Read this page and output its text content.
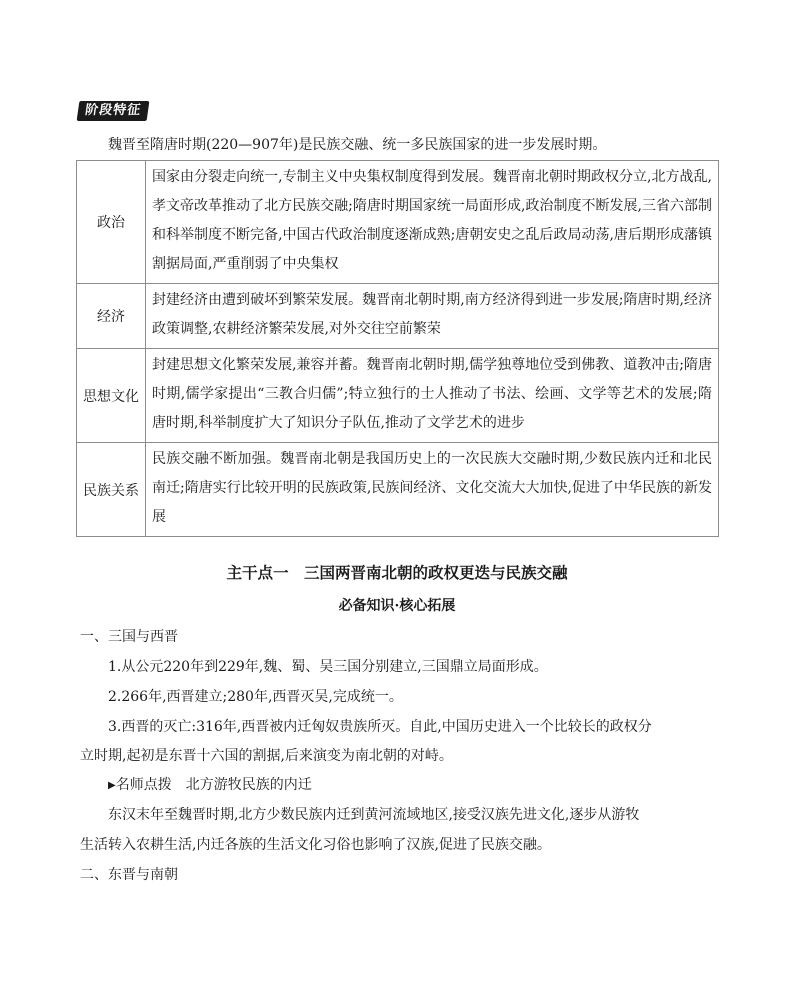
阶段特征
魏晋至隋唐时期(220—907年)是民族交融、统一多民族国家的进一步发展时期。
政治	国家由分裂走向统一,专制主义中央集权制度得到发展。魏晋南北朝时期政权分立,北方战乱,孝文帝改革推动了北方民族交融;隋唐时期国家统一局面形成,政治制度不断发展,三省六部制和科举制度不断完备,中国古代政治制度逐渐成熟;唐朝安史之乱后政局动荡,唐后期形成藩镇割据局面,严重削弱了中央集权
经济	封建经济由遭到破坏到繁荣发展。魏晋南北朝时期,南方经济得到进一步发展;隋唐时期,经济政策调整,农耕经济繁荣发展,对外交往空前繁荣
思想文化	封建思想文化繁荣发展,兼容并蓄。魏晋南北朝时期,儒学独尊地位受到佛教、道教冲击;隋唐时期,儒学家提出“三教合归儒”;特立独行的士人推动了书法、绘画、文学等艺术的发展;隋唐时期,科举制度扩大了知识分子队伍,推动了文学艺术的进步
民族关系	民族交融不断加强。魏晋南北朝是我国历史上的一次民族大交融时期,少数民族内迁和北民南迁;隋唐实行比较开明的民族政策,民族间经济、文化交流大大加快,促进了中华民族的新发展
主干点一　三国两晋南北朝的政权更迭与民族交融
必备知识·核心拓展
一、三国与西晋
1.从公元220年到229年,魏、蜀、吴三国分别建立,三国鼎立局面形成。
2.266年,西晋建立;280年,西晋灭吴,完成统一。
3.西晋的灭亡:316年,西晋被内迁匈奴贵族所灭。自此,中国历史进入一个比较长的政权分
立时期,起初是东晋十六国的割据,后来演变为南北朝的对峙。
▶名师点拨　北方游牧民族的内迁
东汉末年至魏晋时期,北方少数民族内迁到黄河流域地区,接受汉族先进文化,逐步从游牧
生活转入农耕生活,内迁各族的生活文化习俗也影响了汉族,促进了民族交融。
二、东晋与南朝
